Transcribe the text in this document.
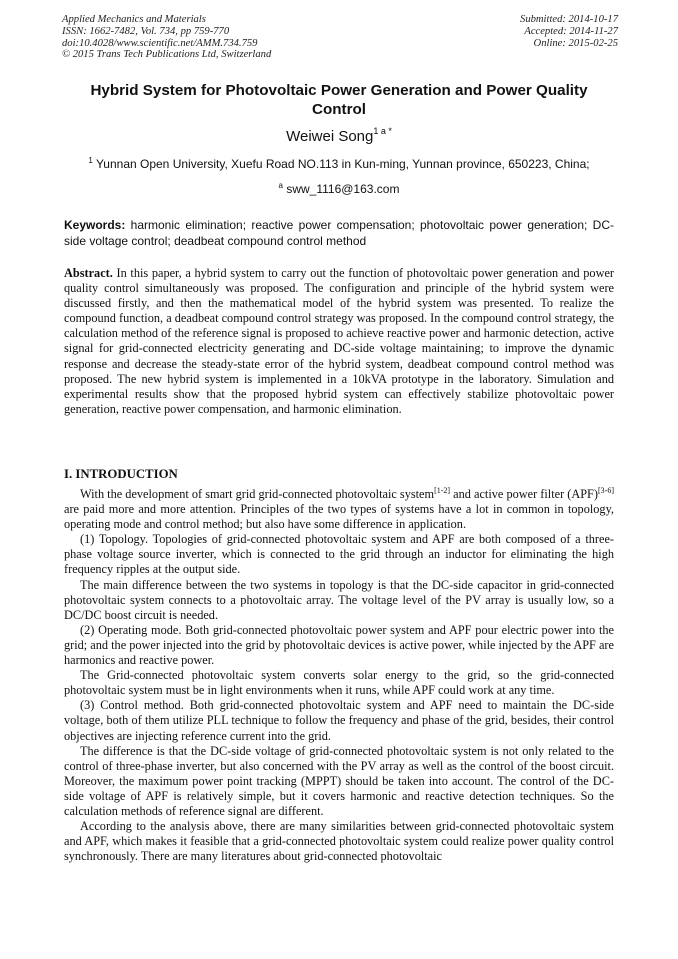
Applied Mechanics and Materials
ISSN: 1662-7482, Vol. 734, pp 759-770
doi:10.4028/www.scientific.net/AMM.734.759
© 2015 Trans Tech Publications Ltd, Switzerland
Submitted: 2014-10-17
Accepted: 2014-11-27
Online: 2015-02-25
Hybrid System for Photovoltaic Power Generation and Power Quality Control
Weiwei Song$^{1 a *}$
$^1$ Yunnan Open University, Xuefu Road NO.113 in Kun-ming, Yunnan province, 650223, China;
$^a$ sww_1116@163.com
Keywords: harmonic elimination; reactive power compensation; photovoltaic power generation; DC-side voltage control; deadbeat compound control method
Abstract. In this paper, a hybrid system to carry out the function of photovoltaic power generation and power quality control simultaneously was proposed. The configuration and principle of the hybrid system were discussed firstly, and then the mathematical model of the hybrid system was presented. To realize the compound function, a deadbeat compound control strategy was proposed. In the compound control strategy, the calculation method of the reference signal is proposed to achieve reactive power and harmonic detection, active signal for grid-connected electricity generating and DC-side voltage maintaining; to improve the dynamic response and decrease the steady-state error of the hybrid system, deadbeat compound control method was proposed. The new hybrid system is implemented in a 10kVA prototype in the laboratory. Simulation and experimental results show that the proposed hybrid system can effectively stabilize photovoltaic power generation, reactive power compensation, and harmonic elimination.
I. INTRODUCTION

With the development of smart grid grid-connected photovoltaic system[1-2] and active power filter (APF)[3-6] are paid more and more attention. Principles of the two types of systems have a lot in common in topology, operating mode and control method; but also have some difference in application.

(1) Topology. Topologies of grid-connected photovoltaic system and APF are both composed of a three-phase voltage source inverter, which is connected to the grid through an inductor for eliminating the high frequency ripples at the output side.

The main difference between the two systems in topology is that the DC-side capacitor in grid-connected photovoltaic system connects to a photovoltaic array. The voltage level of the PV array is usually low, so a DC/DC boost circuit is needed.

(2) Operating mode. Both grid-connected photovoltaic power system and APF pour electric power into the grid; and the power injected into the grid by photovoltaic devices is active power, while injected by the APF are harmonics and reactive power.

The Grid-connected photovoltaic system converts solar energy to the grid, so the grid-connected photovoltaic system must be in light environments when it runs, while APF could work at any time.

(3) Control method. Both grid-connected photovoltaic system and APF need to maintain the DC-side voltage, both of them utilize PLL technique to follow the frequency and phase of the grid, besides, their control objectives are injecting reference current into the grid.

The difference is that the DC-side voltage of grid-connected photovoltaic system is not only related to the control of three-phase inverter, but also concerned with the PV array as well as the control of the boost circuit. Moreover, the maximum power point tracking (MPPT) should be taken into account. The control of the DC-side voltage of APF is relatively simple, but it covers harmonic and reactive detection techniques. So the calculation methods of reference signal are different.

According to the analysis above, there are many similarities between grid-connected photovoltaic system and APF, which makes it feasible that a grid-connected photovoltaic system could realize power quality control synchronously. There are many literatures about grid-connected photovoltaic
